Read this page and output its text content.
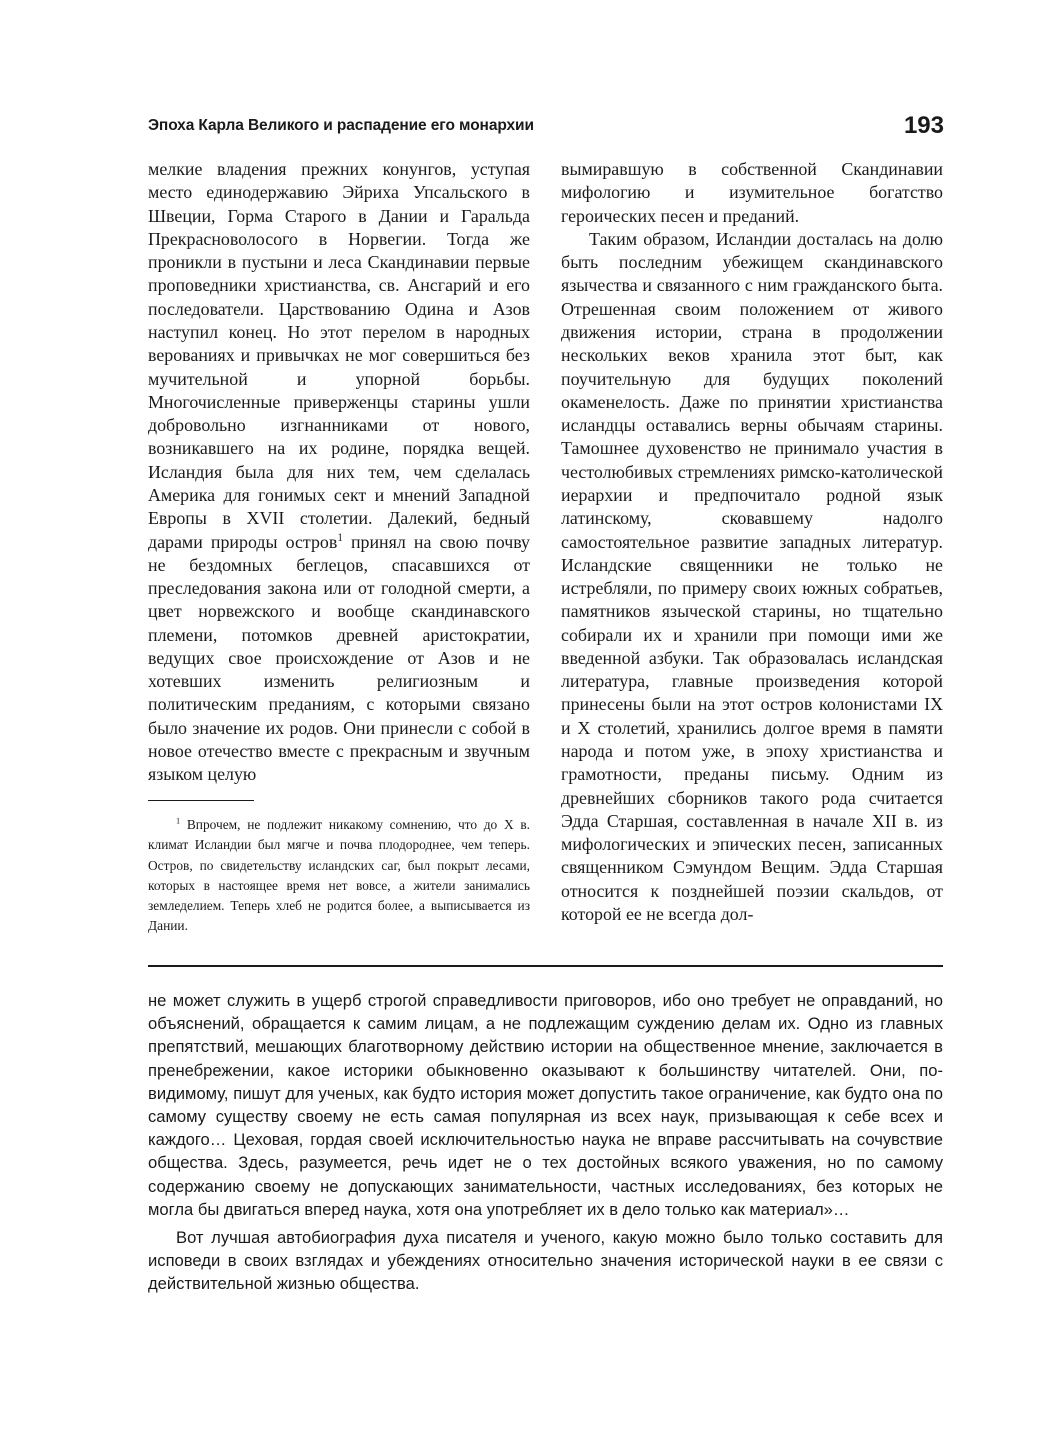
Эпоха Карла Великого и распадение его монархии	193

мелкие владения прежних конунгов, уступая место единодержавию Эйриха Упсальского в Швеции, Горма Старого в Дании и Гаральда Прекрасноволосого в Норвегии. Тогда же проникли в пустыни и леса Скандинавии первые проповедники христианства, св. Ансгарий и его последователи. Царствованию Одина и Азов наступил конец. Но этот перелом в народных верованиях и привычках не мог совершиться без мучительной и упорной борьбы. Многочисленные приверженцы старины ушли добровольно изгнанниками от нового, возникавшего на их родине, порядка вещей. Исландия была для них тем, чем сделалась Америка для гонимых сект и мнений Западной Европы в XVII столетии. Далекий, бедный дарами природы остров$^1$ принял на свою почву не бездомных беглецов, спасавшихся от преследования закона или от голодной смерти, а цвет норвежского и вообще скандинавского племени, потомков древней аристократии, ведущих свое происхождение от Азов и не хотевших изменить религиозным и политическим преданиям, с которыми связано было значение их родов. Они принесли с собой в новое отечество вместе с прекрасным и звучным языком целую

$^1$ Впрочем, не подлежит никакому сомнению, что до X в. климат Исландии был мягче и почва плодороднее, чем теперь. Остров, по свидетельству исландских саг, был покрыт лесами, которых в настоящее время нет вовсе, а жители занимались земледелием. Теперь хлеб не родится более, а выписывается из Дании.

вымиравшую в собственной Скандинавии мифологию и изумительное богатство героических песен и преданий.

Таким образом, Исландии досталась на долю быть последним убежищем скандинавского язычества и связанного с ним гражданского быта. Отрешенная своим положением от живого движения истории, страна в продолжении нескольких веков хранила этот быт, как поучительную для будущих поколений окаменелость. Даже по принятии христианства исландцы оставались верны обычаям старины. Тамошнее духовенство не принимало участия в честолюбивых стремлениях римско-католической иерархии и предпочитало родной язык латинскому, сковавшему надолго самостоятельное развитие западных литератур. Исландские священники не только не истребляли, по примеру своих южных собратьев, памятников языческой старины, но тщательно собирали их и хранили при помощи ими же введенной азбуки. Так образовалась исландская литература, главные произведения которой принесены были на этот остров колонистами IX и X столетий, хранились долгое время в памяти народа и потом уже, в эпоху христианства и грамотности, преданы письму. Одним из древнейших сборников такого рода считается Эдда Старшая, составленная в начале XII в. из мифологических и эпических песен, записанных священником Сэмундом Вещим. Эдда Старшая относится к позднейшей поэзии скальдов, от которой ее не всегда дол-

не может служить в ущерб строгой справедливости приговоров, ибо оно требует не оправданий, но объяснений, обращается к самим лицам, а не подлежащим суждению делам их. Одно из главных препятствий, мешающих благотворному действию истории на общественное мнение, заключается в пренебрежении, какое историки обыкновенно оказывают к большинству читателей. Они, по-видимому, пишут для ученых, как будто история может допустить такое ограничение, как будто она по самому существу своему не есть самая популярная из всех наук, призывающая к себе всех и каждого… Цеховая, гордая своей исключительностью наука не вправе рассчитывать на сочувствие общества. Здесь, разумеется, речь идет не о тех достойных всякого уважения, но по самому содержанию своему не допускающих занимательности, частных исследованиях, без которых не могла бы двигаться вперед наука, хотя она употребляет их в дело только как материал»…

Вот лучшая автобиография духа писателя и ученого, какую можно было только составить для исповеди в своих взглядах и убеждениях относительно значения исторической науки в ее связи с действительной жизнью общества.
